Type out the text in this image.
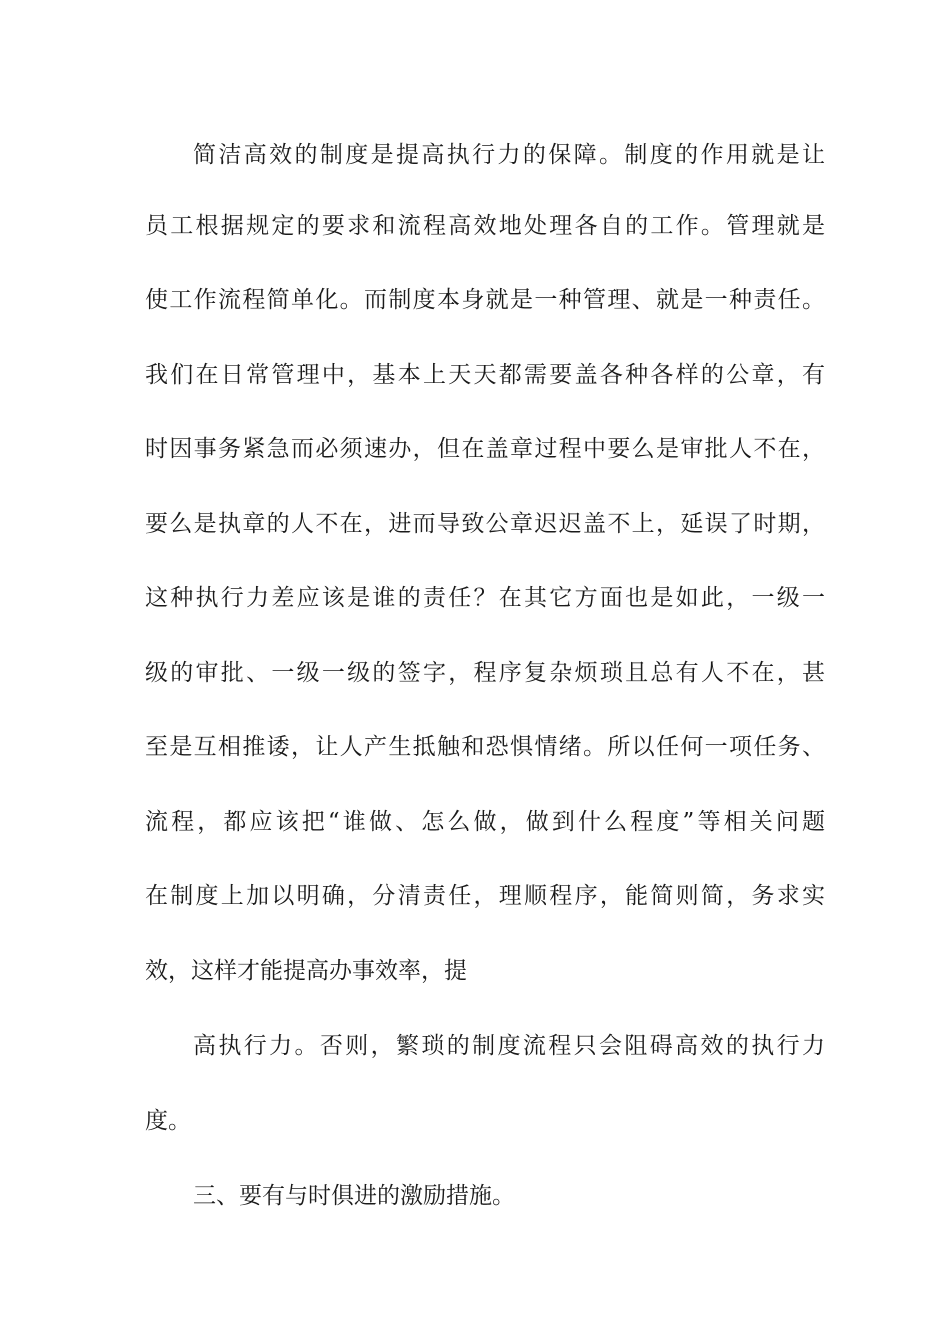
简洁高效的制度是提高执行力的保障。制度的作用就是让
员工根据规定的要求和流程高效地处理各自的工作。管理就是
使工作流程简单化。而制度本身就是一种管理、就是一种责任。
我们在日常管理中，基本上天天都需要盖各种各样的公章，有
时因事务紧急而必须速办，但在盖章过程中要么是审批人不在，
要么是执章的人不在，进而导致公章迟迟盖不上，延误了时期，
这种执行力差应该是谁的责任？在其它方面也是如此，一级一
级的审批、一级一级的签字，程序复杂烦琐且总有人不在，甚
至是互相推诿，让人产生抵触和恐惧情绪。所以任何一项任务、
流程，都应该把“谁做、怎么做，做到什么程度”等相关问题
在制度上加以明确，分清责任，理顺程序，能简则简，务求实
效，这样才能提高办事效率，提
高执行力。否则，繁琐的制度流程只会阻碍高效的执行力
度。
三、要有与时俱进的激励措施。
